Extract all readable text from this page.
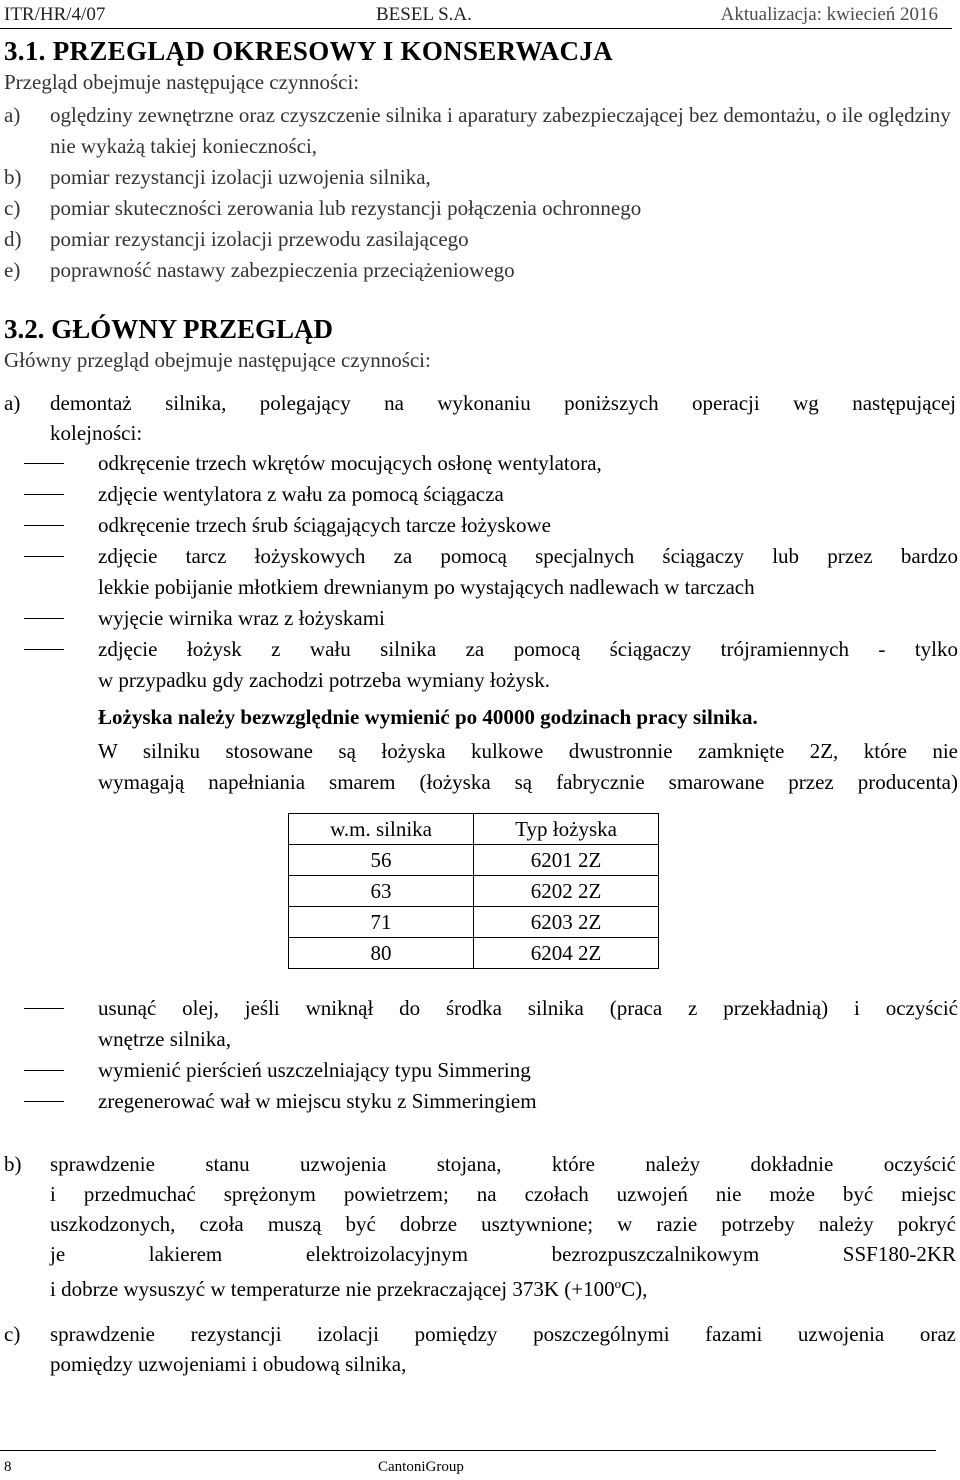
ITR/HR/4/07	BESEL S.A.	Aktualizacja: kwiecień 2016
3.1. PRZEGLĄD OKRESOWY I KONSERWACJA
Przegląd obejmuje następujące czynności:
a) oględziny zewnętrzne oraz czyszczenie silnika i aparatury zabezpieczającej bez demontażu, o ile oględziny nie wykażą takiej konieczności,
b) pomiar rezystancji izolacji uzwojenia silnika,
c) pomiar skuteczności zerowania lub rezystancji połączenia ochronnego
d) pomiar rezystancji izolacji przewodu zasilającego
e) poprawność nastawy zabezpieczenia przeciążeniowego
3.2. GŁÓWNY PRZEGLĄD
Główny przegląd obejmuje następujące czynności:
a) demontaż silnika, polegający na wykonaniu poniższych operacji wg następującej
kolejności:
odkręcenie trzech wkrętów mocujących osłonę wentylatora,
zdjęcie wentylatora z wału za pomocą ściągacza
odkręcenie trzech śrub ściągających tarcze łożyskowe
zdjęcie tarcz łożyskowych za pomocą specjalnych ściągaczy lub przez bardzo
lekkie pobijanie młotkiem drewnianym po wystających nadlewach w tarczach
wyjęcie wirnika wraz z łożyskami
zdjęcie łożysk z wału silnika za pomocą ściągaczy trójramiennych - tylko
w przypadku gdy zachodzi potrzeba wymiany łożysk.
Łożyska należy bezwzględnie wymienić po 40000 godzinach pracy silnika.
W silniku stosowane są łożyska kulkowe dwustronnie zamknięte 2Z, które nie
wymagają napełniania smarem (łożyska są fabrycznie smarowane przez producenta)
w.m. silnika	Typ łożyska
56	6201 2Z
63	6202 2Z
71	6203 2Z
80	6204 2Z
usunąć olej, jeśli wniknął do środka silnika (praca z przekładnią) i oczyścić
wnętrze silnika,
wymienić pierścień uszczelniający typu Simmering
zregenerować wał w miejscu styku z Simmeringiem
b) sprawdzenie stanu uzwojenia stojana, które należy dokładnie oczyścić
i przedmuchać sprężonym powietrzem; na czołach uzwojeń nie może być miejsc
uszkodzonych, czoła muszą być dobrze usztywnione; w razie potrzeby należy pokryć
je lakierem elektroizolacyjnym bezrozpuszczalnikowym SSF180-2KR
i dobrze wysuszyć w temperaturze nie przekraczającej 373K $(+100^oC)$,
c) sprawdzenie rezystancji izolacji pomiędzy poszczególnymi fazami uzwojenia oraz
pomiędzy uzwojeniami i obudową silnika,
8	CantoniGroup
